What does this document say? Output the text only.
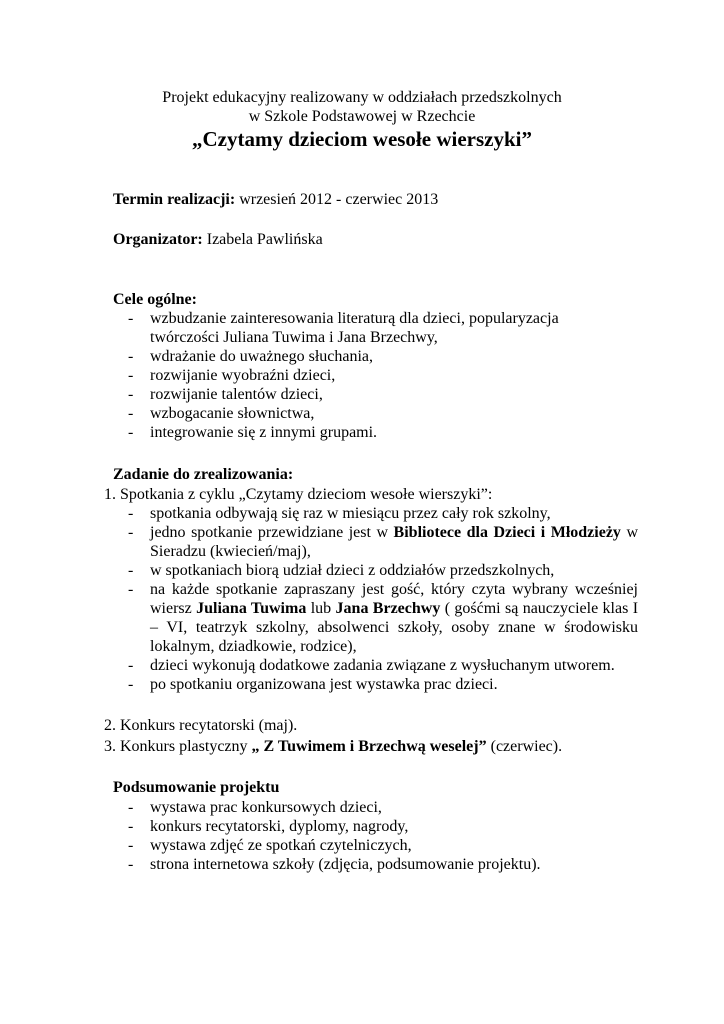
Projekt edukacyjny realizowany w oddziałach przedszkolnych
w Szkole Podstawowej w Rzechcie
„Czytamy dzieciom wesołe wierszyki”
Termin realizacji: wrzesień 2012 - czerwiec 2013
Organizator: Izabela Pawlińska
Cele ogólne:
- wzbudzanie zainteresowania literaturą dla dzieci, popularyzacja twórczości Juliana Tuwima i Jana Brzechwy,
- wdrażanie do uważnego słuchania,
- rozwijanie wyobraźni dzieci,
- rozwijanie talentów dzieci,
- wzbogacanie słownictwa,
- integrowanie się z innymi grupami.
Zadanie do zrealizowania:
1. Spotkania z cyklu „Czytamy dzieciom wesołe wierszyki”:
- spotkania odbywają się raz w miesiącu przez cały rok szkolny,
- jedno spotkanie przewidziane jest w Bibliotece dla Dzieci i Młodzieży w Sieradzu (kwiecień/maj),
- w spotkaniach biorą udział dzieci z oddziałów przedszkolnych,
- na każde spotkanie zapraszany jest gość, który czyta wybrany wcześniej wiersz Juliana Tuwima lub Jana Brzechwy ( gośćmi są nauczyciele klas I – VI, teatrzyk szkolny, absolwenci szkoły, osoby znane w środowisku lokalnym, dziadkowie, rodzice),
- dzieci wykonują dodatkowe zadania związane z wysłuchanym utworem.
- po spotkaniu organizowana jest wystawka prac dzieci.
2. Konkurs recytatorski (maj).
3. Konkurs plastyczny „ Z Tuwimem i Brzechwą weselej” (czerwiec).
Podsumowanie projektu
- wystawa prac konkursowych dzieci,
- konkurs recytatorski, dyplomy, nagrody,
- wystawa zdjęć ze spotkań czytelniczych,
- strona internetowa szkoły (zdjęcia, podsumowanie projektu).
